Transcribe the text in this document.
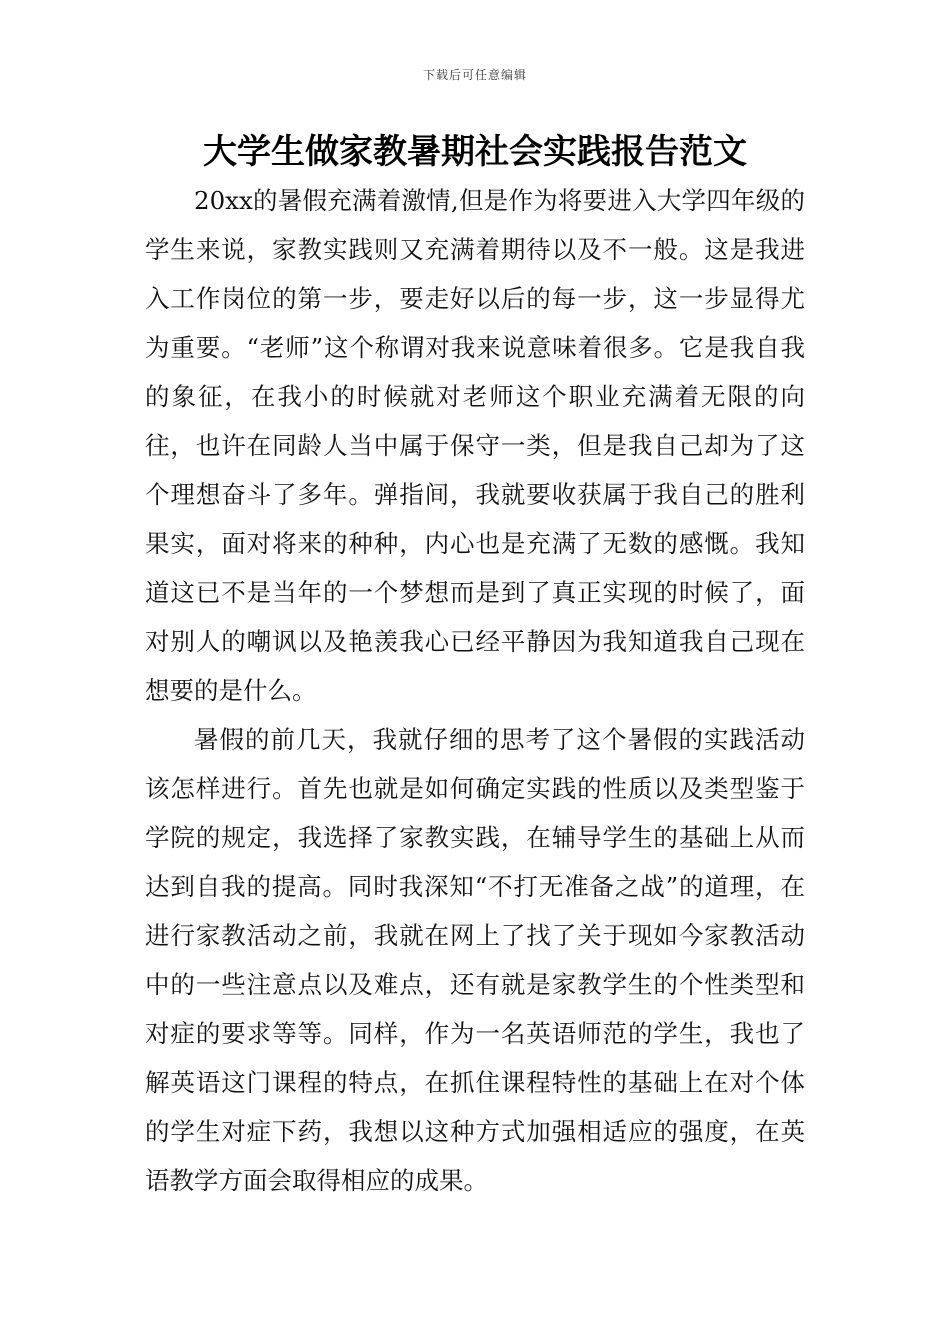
下载后可任意编辑
大学生做家教暑期社会实践报告范文

20xx的暑假充满着激情,但是作为将要进入大学四年级的学生来说，家教实践则又充满着期待以及不一般。这是我进入工作岗位的第一步，要走好以后的每一步，这一步显得尤为重要。“老师”这个称谓对我来说意味着很多。它是我自我的象征，在我小的时候就对老师这个职业充满着无限的向往，也许在同龄人当中属于保守一类，但是我自己却为了这个理想奋斗了多年。弹指间，我就要收获属于我自己的胜利果实，面对将来的种种，内心也是充满了无数的感慨。我知道这已不是当年的一个梦想而是到了真正实现的时候了，面对别人的嘲讽以及艳羡我心已经平静因为我知道我自己现在想要的是什么。

暑假的前几天，我就仔细的思考了这个暑假的实践活动该怎样进行。首先也就是如何确定实践的性质以及类型鉴于学院的规定，我选择了家教实践，在辅导学生的基础上从而达到自我的提高。同时我深知“不打无准备之战”的道理，在进行家教活动之前，我就在网上了找了关于现如今家教活动中的一些注意点以及难点，还有就是家教学生的个性类型和对症的要求等等。同样，作为一名英语师范的学生，我也了解英语这门课程的特点，在抓住课程特性的基础上在对个体的学生对症下药，我想以这种方式加强相适应的强度，在英语教学方面会取得相应的成果。
